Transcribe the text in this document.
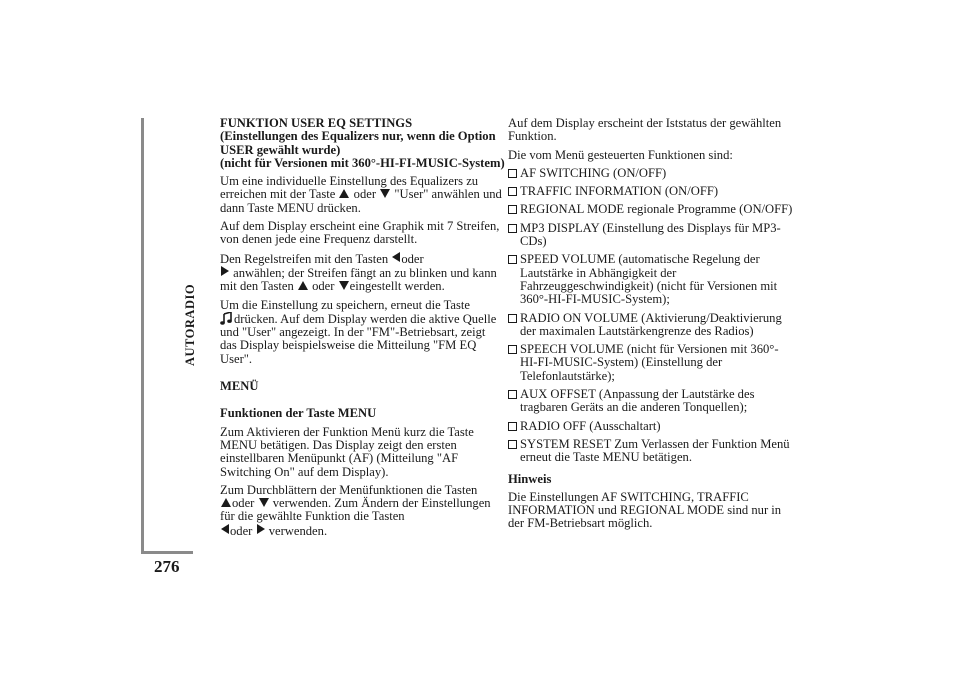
AUTORADIO
276

FUNKTION USER EQ SETTINGS
(Einstellungen des Equalizers nur, wenn die Option USER gewählt wurde)
(nicht für Versionen mit 360°-HI-FI-MUSIC-System)

Um eine individuelle Einstellung des Equalizers zu erreichen mit der Taste oder "User" anwählen und dann Taste MENU drücken.

Auf dem Display erscheint eine Graphik mit 7 Streifen, von denen jede eine Frequenz darstellt.

Den Regelstreifen mit den Tasten oder
anwählen; der Streifen fängt an zu blinken und kann mit den Tasten oder eingestellt werden.

Um die Einstellung zu speichern, erneut die Taste
drücken. Auf dem Display werden die aktive Quelle und "User" angezeigt. In der "FM"-Betriebsart, zeigt das Display beispielsweise die Mitteilung "FM EQ User".

MENÜ

Funktionen der Taste MENU

Zum Aktivieren der Funktion Menü kurz die Taste MENU betätigen. Das Display zeigt den ersten einstellbaren Menüpunkt (AF) (Mitteilung "AF Switching On" auf dem Display).

Zum Durchblättern der Menüfunktionen die Tasten
oder verwenden. Zum Ändern der Einstellungen für die gewählte Funktion die Tasten
oder verwenden.

Auf dem Display erscheint der Iststatus der gewählten Funktion.

Die vom Menü gesteuerten Funktionen sind:

AF SWITCHING (ON/OFF)
TRAFFIC INFORMATION (ON/OFF)
REGIONAL MODE regionale Programme (ON/OFF)
MP3 DISPLAY (Einstellung des Displays für MP3-CDs)
SPEED VOLUME (automatische Regelung der Lautstärke in Abhängigkeit der Fahrzeuggeschwindigkeit) (nicht für Versionen mit 360°-HI-FI-MUSIC-System);
RADIO ON VOLUME (Aktivierung/Deaktivierung der maximalen Lautstärkengrenze des Radios)
SPEECH VOLUME (nicht für Versionen mit 360°-HI-FI-MUSIC-System) (Einstellung der Telefonlautstärke);
AUX OFFSET (Anpassung der Lautstärke des tragbaren Geräts an die anderen Tonquellen);
RADIO OFF (Ausschaltart)
SYSTEM RESET Zum Verlassen der Funktion Menü erneut die Taste MENU betätigen.

Hinweis

Die Einstellungen AF SWITCHING, TRAFFIC INFORMATION und REGIONAL MODE sind nur in der FM-Betriebsart möglich.
